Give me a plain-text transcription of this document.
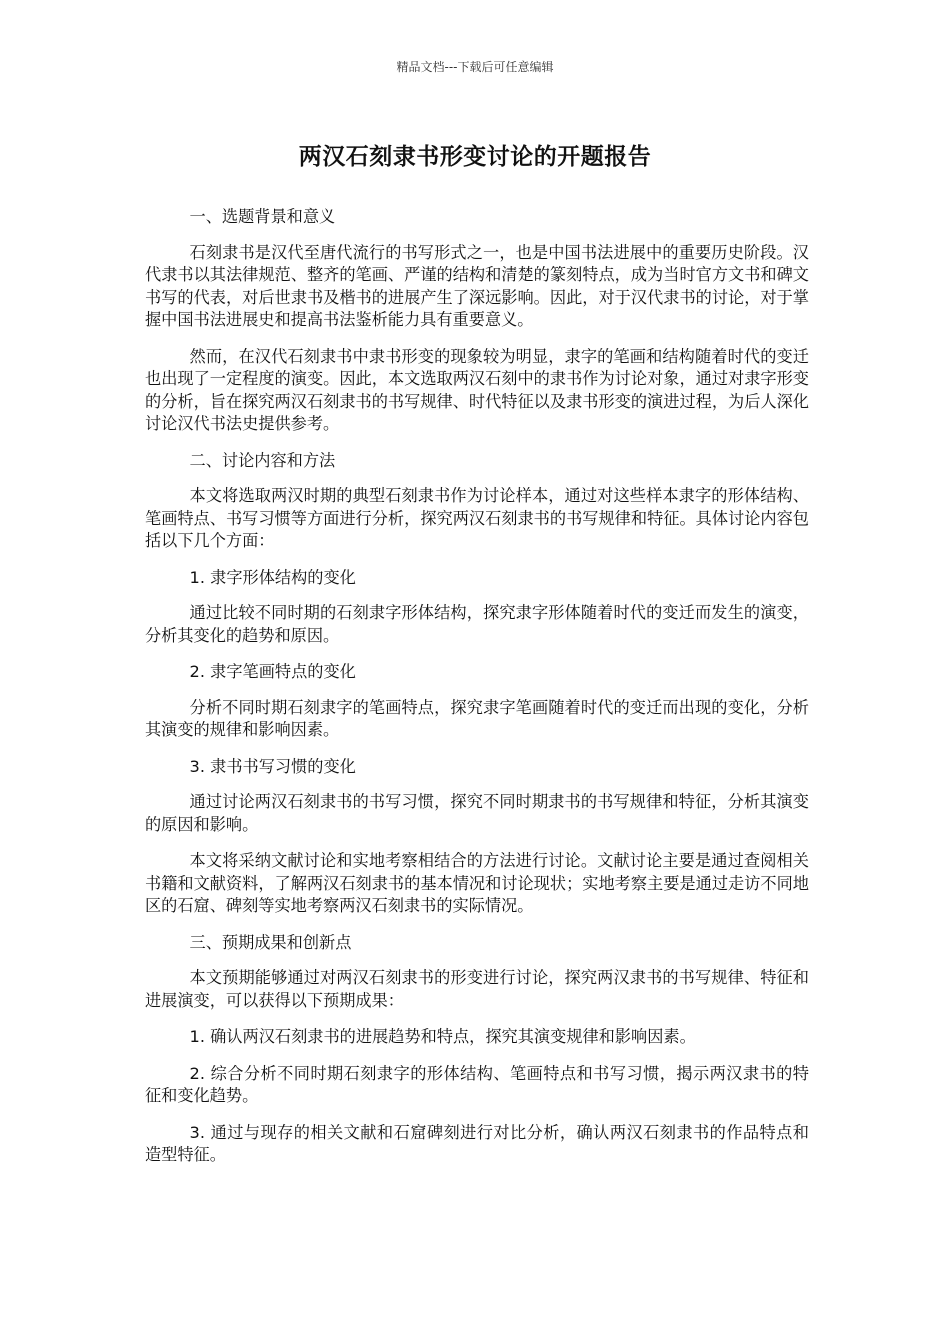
精品文档---下载后可任意编辑
两汉石刻隶书形变讨论的开题报告

一、选题背景和意义

石刻隶书是汉代至唐代流行的书写形式之一，也是中国书法进展中的重要历史阶段。汉代隶书以其法律规范、整齐的笔画、严谨的结构和清楚的篆刻特点，成为当时官方文书和碑文书写的代表，对后世隶书及楷书的进展产生了深远影响。因此，对于汉代隶书的讨论，对于掌握中国书法进展史和提高书法鉴析能力具有重要意义。

然而，在汉代石刻隶书中隶书形变的现象较为明显，隶字的笔画和结构随着时代的变迁也出现了一定程度的演变。因此，本文选取两汉石刻中的隶书作为讨论对象，通过对隶字形变的分析，旨在探究两汉石刻隶书的书写规律、时代特征以及隶书形变的演进过程，为后人深化讨论汉代书法史提供参考。

二、讨论内容和方法

本文将选取两汉时期的典型石刻隶书作为讨论样本，通过对这些样本隶字的形体结构、笔画特点、书写习惯等方面进行分析，探究两汉石刻隶书的书写规律和特征。具体讨论内容包括以下几个方面：

1. 隶字形体结构的变化

通过比较不同时期的石刻隶字形体结构，探究隶字形体随着时代的变迁而发生的演变，分析其变化的趋势和原因。

2. 隶字笔画特点的变化

分析不同时期石刻隶字的笔画特点，探究隶字笔画随着时代的变迁而出现的变化，分析其演变的规律和影响因素。

3. 隶书书写习惯的变化

通过讨论两汉石刻隶书的书写习惯，探究不同时期隶书的书写规律和特征，分析其演变的原因和影响。

本文将采纳文献讨论和实地考察相结合的方法进行讨论。文献讨论主要是通过查阅相关书籍和文献资料，了解两汉石刻隶书的基本情况和讨论现状；实地考察主要是通过走访不同地区的石窟、碑刻等实地考察两汉石刻隶书的实际情况。

三、预期成果和创新点

本文预期能够通过对两汉石刻隶书的形变进行讨论，探究两汉隶书的书写规律、特征和进展演变，可以获得以下预期成果：

1. 确认两汉石刻隶书的进展趋势和特点，探究其演变规律和影响因素。

2. 综合分析不同时期石刻隶字的形体结构、笔画特点和书写习惯，揭示两汉隶书的特征和变化趋势。

3. 通过与现存的相关文献和石窟碑刻进行对比分析，确认两汉石刻隶书的作品特点和造型特征。
